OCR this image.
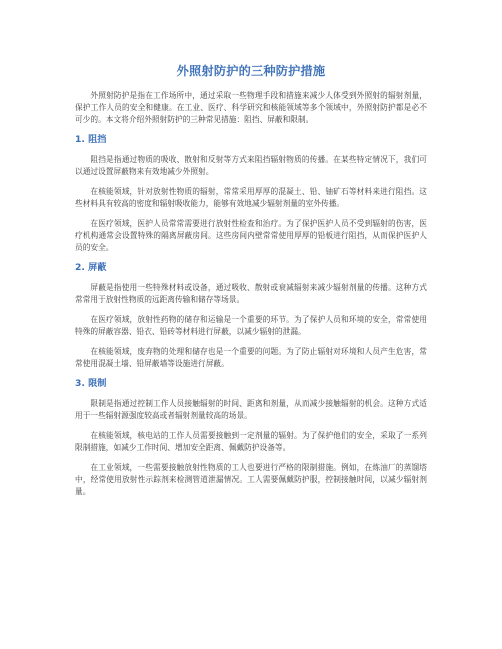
外照射防护的三种防护措施

外照射防护是指在工作场所中，通过采取一些物理手段和措施来减少人体受到外照射的辐射剂量，保护工作人员的安全和健康。在工业、医疗、科学研究和核能领域等多个领域中，外照射防护都是必不可少的。本文将介绍外照射防护的三种常见措施：阻挡、屏蔽和限制。

1. 阻挡

阻挡是指通过物质的吸收、散射和反射等方式来阻挡辐射物质的传播。在某些特定情况下，我们可以通过设置屏蔽物来有效地减少外照射。

在核能领域，针对放射性物质的辐射，常常采用厚厚的混凝土、铅、铀矿石等材料来进行阻挡。这些材料具有较高的密度和辐射吸收能力，能够有效地减少辐射剂量的室外传播。

在医疗领域，医护人员常常需要进行放射性检查和治疗。为了保护医护人员不受到辐射的伤害，医疗机构通常会设置特殊的隔离屏蔽房间。这些房间内壁常常使用厚厚的铅板进行阻挡，从而保护医护人员的安全。

2. 屏蔽

屏蔽是指使用一些特殊材料或设备，通过吸收、散射或衰减辐射来减少辐射剂量的传播。这种方式常常用于放射性物质的远距离传输和储存等场景。

在医疗领域，放射性药物的储存和运输是一个重要的环节。为了保护人员和环境的安全，常常使用特殊的屏蔽容器、铅衣、铅砖等材料进行屏蔽，以减少辐射的泄漏。

在核能领域，废弃物的处理和储存也是一个重要的问题。为了防止辐射对环境和人员产生危害，常常使用混凝土墙、铅屏蔽墙等设施进行屏蔽。

3. 限制

限制是指通过控制工作人员接触辐射的时间、距离和剂量，从而减少接触辐射的机会。这种方式适用于一些辐射源强度较高或者辐射剂量较高的场景。

在核能领域，核电站的工作人员需要接触到一定剂量的辐射。为了保护他们的安全，采取了一系列限制措施，如减少工作时间、增加安全距离、佩戴防护设备等。

在工业领域，一些需要接触放射性物质的工人也要进行严格的限制措施。例如，在炼油厂的蒸馏塔中，经常使用放射性示踪剂来检测管道泄漏情况。工人需要佩戴防护服，控制接触时间，以减少辐射剂量。
